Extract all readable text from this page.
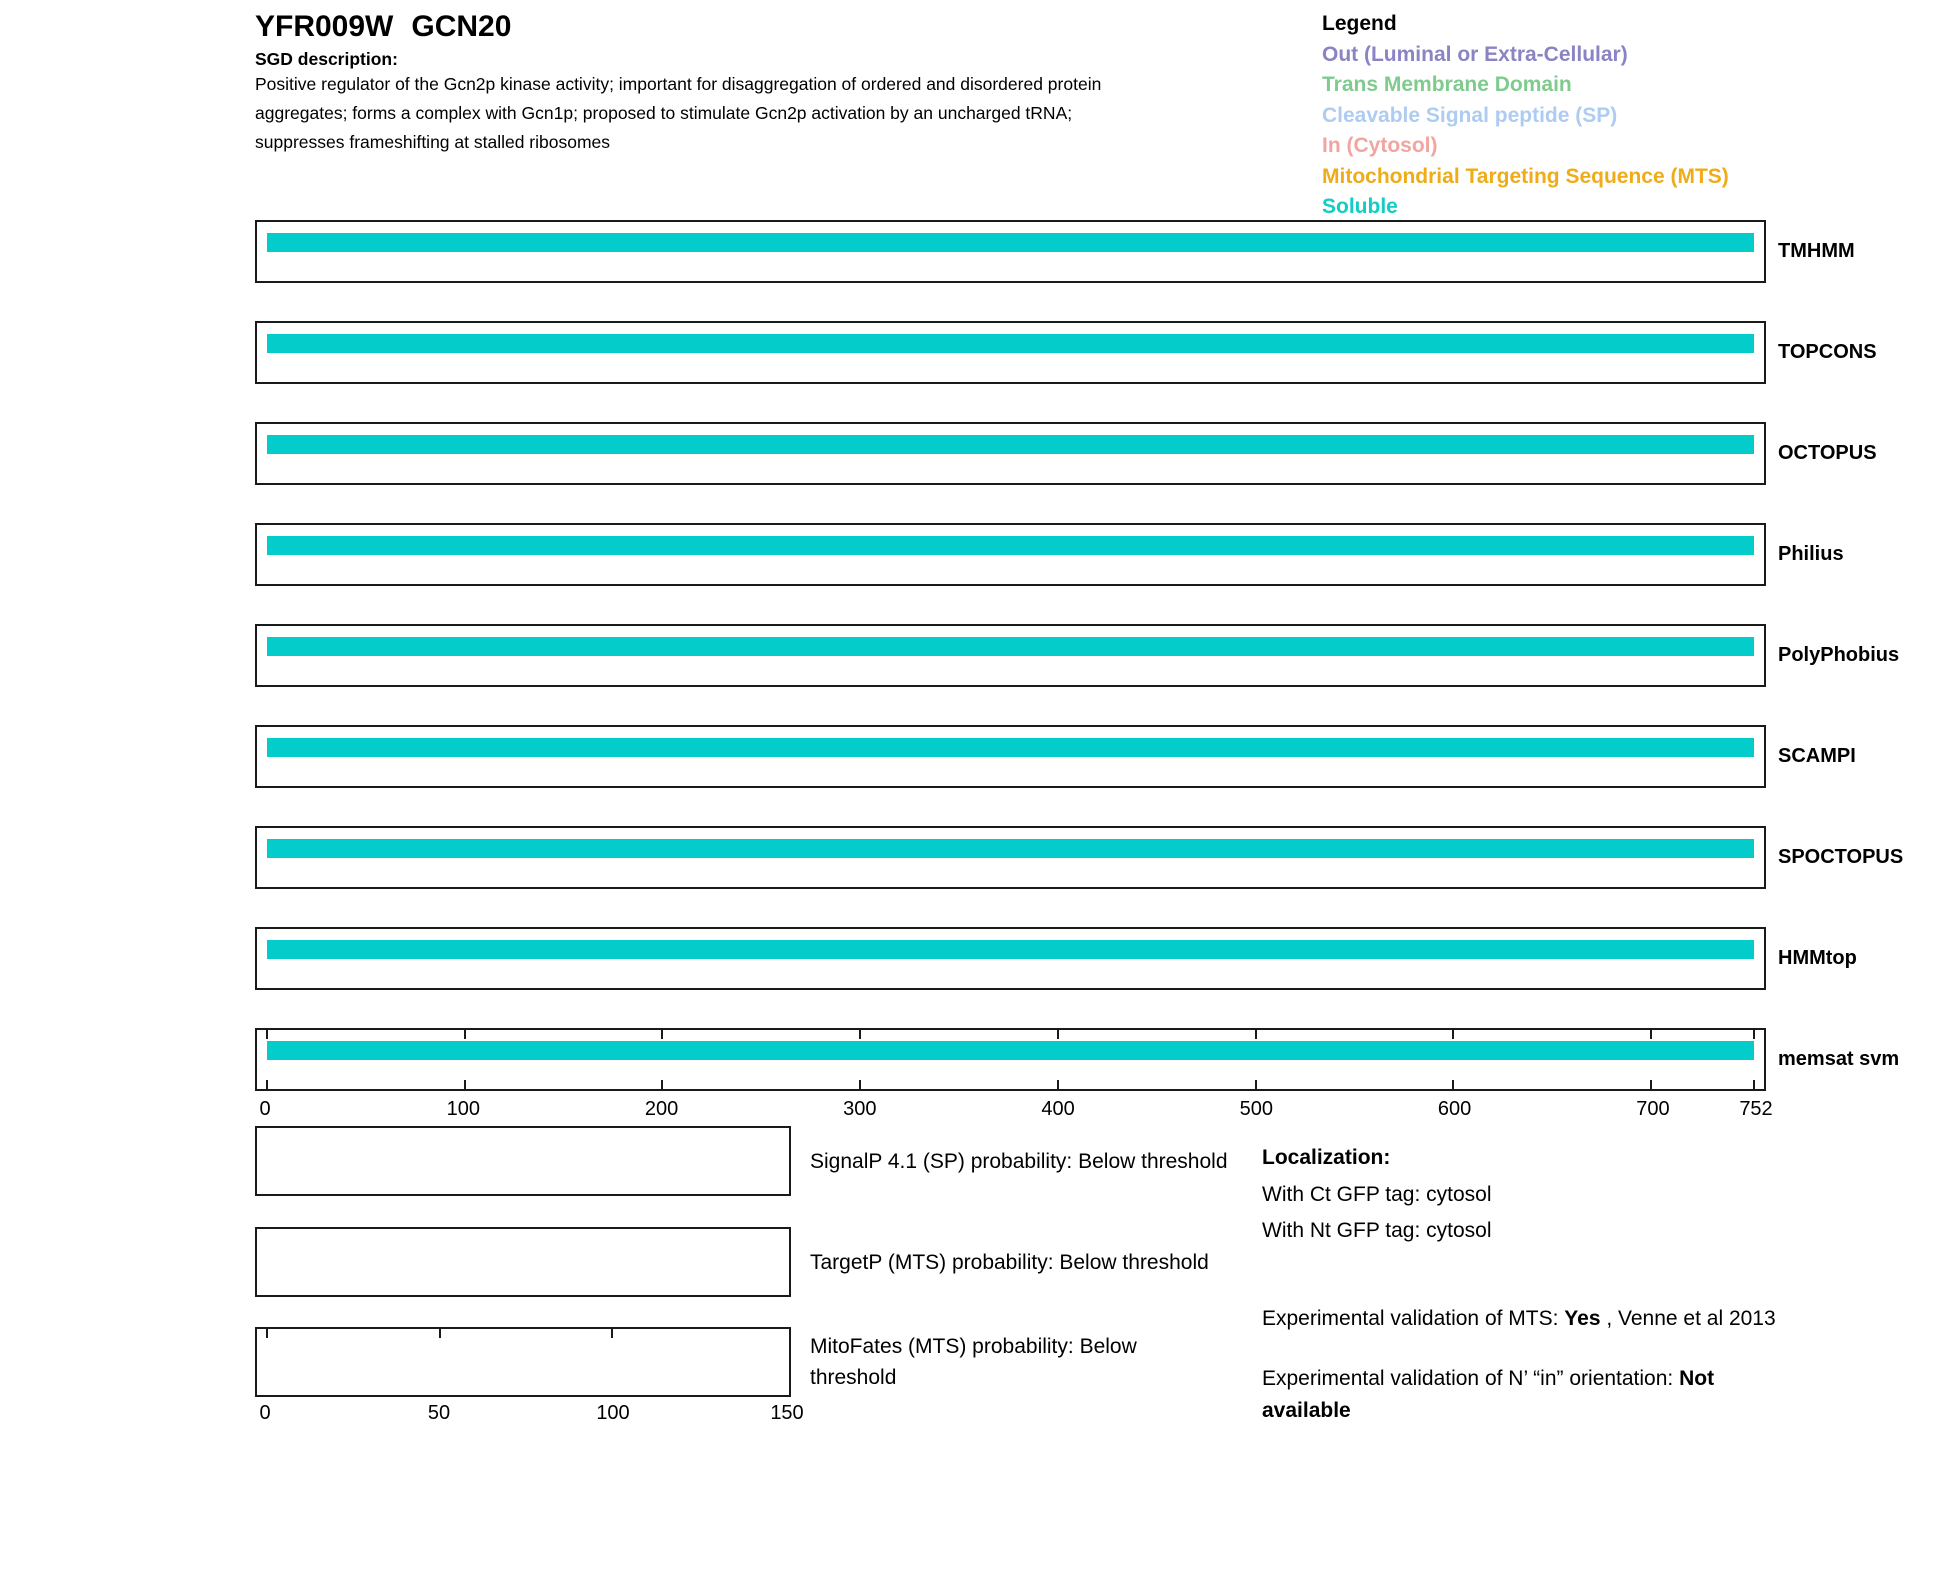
YFR009W GCN20
SGD description:
Positive regulator of the Gcn2p kinase activity; important for disaggregation of ordered and disordered protein
aggregates; forms a complex with Gcn1p; proposed to stimulate Gcn2p activation by an uncharged tRNA;
suppresses frameshifting at stalled ribosomes
Legend
Out (Luminal or Extra-Cellular)
Trans Membrane Domain
Cleavable Signal peptide (SP)
In (Cytosol)
Mitochondrial Targeting Sequence (MTS)
Soluble
TMHMM
TOPCONS
OCTOPUS
Philius
PolyPhobius
SCAMPI
SPOCTOPUS
HMMtop
memsat svm
0	100	200	300	400	500	600	700	752
SignalP 4.1 (SP) probability: Below threshold
TargetP (MTS) probability: Below threshold
MitoFates (MTS) probability: Below threshold
0	50	100	150
Localization:
With Ct GFP tag: cytosol
With Nt GFP tag: cytosol
Experimental validation of MTS: Yes , Venne et al 2013
Experimental validation of N’ “in” orientation: Not available
